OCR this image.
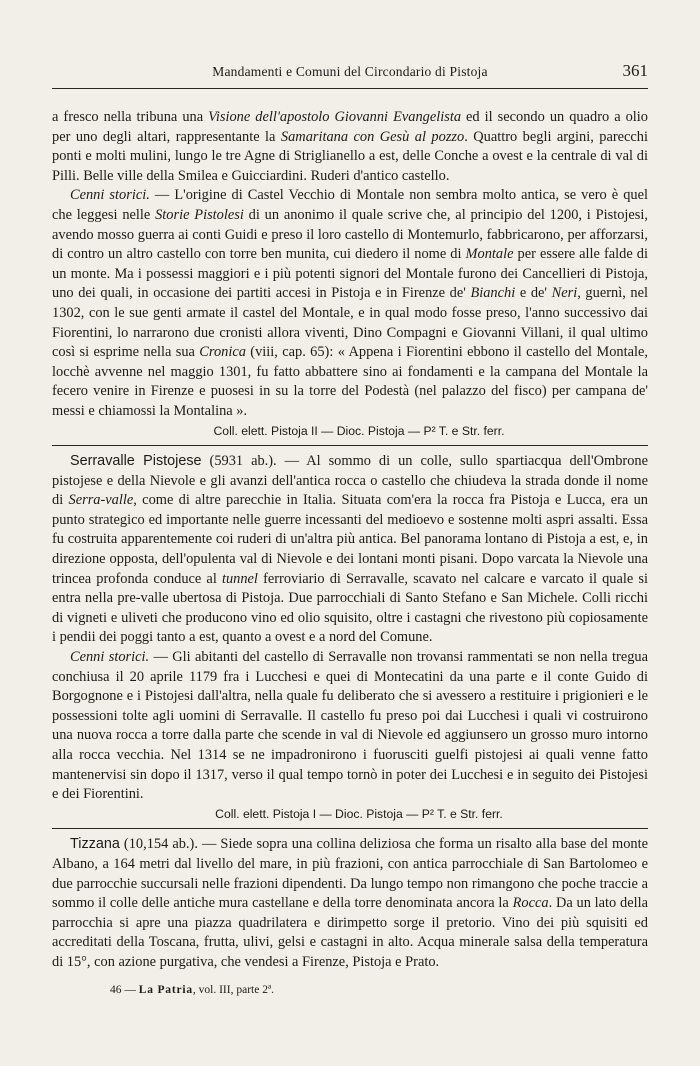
Mandamenti e Comuni del Circondario di Pistoja	361

a fresco nella tribuna una Visione dell'apostolo Giovanni Evangelista ed il secondo un quadro a olio per uno degli altari, rappresentante la Samaritana con Gesù al pozzo. Quattro begli argini, parecchi ponti e molti mulini, lungo le tre Agne di Striglianello a est, delle Conche a ovest e la centrale di val di Pilli. Belle ville della Smilea e Guicciardini. Ruderi d'antico castello.

Cenni storici. — L'origine di Castel Vecchio di Montale non sembra molto antica, se vero è quel che leggesi nelle Storie Pistolesi di un anonimo il quale scrive che, al principio del 1200, i Pistojesi, avendo mosso guerra ai conti Guidi e preso il loro castello di Montemurlo, fabbricarono, per afforzarsi, di contro un altro castello con torre ben munita, cui diedero il nome di Montale per essere alle falde di un monte. Ma i possessi maggiori e i più potenti signori del Montale furono dei Cancellieri di Pistoja, uno dei quali, in occasione dei partiti accesi in Pistoja e in Firenze de' Bianchi e de' Neri, guernì, nel 1302, con le sue genti armate il castel del Montale, e in qual modo fosse preso, l'anno successivo dai Fiorentini, lo narrarono due cronisti allora viventi, Dino Compagni e Giovanni Villani, il qual ultimo così si esprime nella sua Cronica (viii, cap. 65): « Appena i Fiorentini ebbono il castello del Montale, locchè avvenne nel maggio 1301, fu fatto abbattere sino ai fondamenti e la campana del Montale la fecero venire in Firenze e puosesi in su la torre del Podestà (nel palazzo del fisco) per campana de' messi e chiamossi la Montalina ».

Coll. elett. Pistoja II — Dioc. Pistoja — P² T. e Str. ferr.

Serravalle Pistojese (5931 ab.). — Al sommo di un colle, sullo spartiacqua dell'Ombrone pistojese e della Nievole e gli avanzi dell'antica rocca o castello che chiudeva la strada donde il nome di Serra-valle, come di altre parecchie in Italia. Situata com'era la rocca fra Pistoja e Lucca, era un punto strategico ed importante nelle guerre incessanti del medioevo e sostenne molti aspri assalti. Essa fu costruita apparentemente coi ruderi di un'altra più antica. Bel panorama lontano di Pistoja a est, e, in direzione opposta, dell'opulenta val di Nievole e dei lontani monti pisani. Dopo varcata la Nievole una trincea profonda conduce al tunnel ferroviario di Serravalle, scavato nel calcare e varcato il quale si entra nella pre-valle ubertosa di Pistoja. Due parrocchiali di Santo Stefano e San Michele. Colli ricchi di vigneti e uliveti che producono vino ed olio squisito, oltre i castagni che rivestono più copiosamente i pendii dei poggi tanto a est, quanto a ovest e a nord del Comune.

Cenni storici. — Gli abitanti del castello di Serravalle non trovansi rammentati se non nella tregua conchiusa il 20 aprile 1179 fra i Lucchesi e quei di Montecatini da una parte e il conte Guido di Borgognone e i Pistojesi dall'altra, nella quale fu deliberato che si avessero a restituire i prigionieri e le possessioni tolte agli uomini di Serravalle. Il castello fu preso poi dai Lucchesi i quali vi costruirono una nuova rocca a torre dalla parte che scende in val di Nievole ed aggiunsero un grosso muro intorno alla rocca vecchia. Nel 1314 se ne impadronirono i fuorusciti guelfi pistojesi ai quali venne fatto mantenervisi sin dopo il 1317, verso il qual tempo tornò in poter dei Lucchesi e in seguito dei Pistojesi e dei Fiorentini.

Coll. elett. Pistoja I — Dioc. Pistoja — P² T. e Str. ferr.

Tizzana (10,154 ab.). — Siede sopra una collina deliziosa che forma un risalto alla base del monte Albano, a 164 metri dal livello del mare, in più frazioni, con antica parrocchiale di San Bartolomeo e due parrocchie succursali nelle frazioni dipendenti. Da lungo tempo non rimangono che poche traccie a sommo il colle delle antiche mura castellane e della torre denominata ancora la Rocca. Da un lato della parrocchia si apre una piazza quadrilatera e dirimpetto sorge il pretorio. Vino dei più squisiti ed accreditati della Toscana, frutta, ulivi, gelsi e castagni in alto. Acqua minerale salsa della temperatura di 15°, con azione purgativa, che vendesi a Firenze, Pistoja e Prato.

46 — La Patria, vol. III, parte 2ª.
